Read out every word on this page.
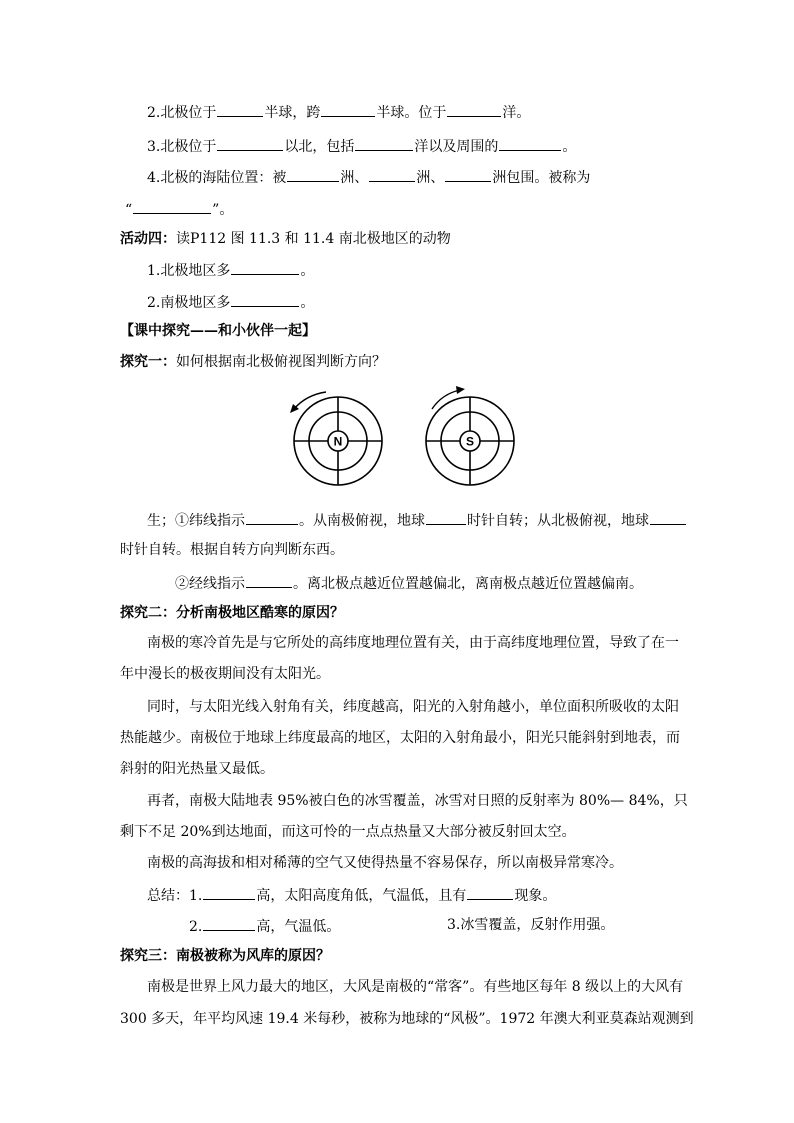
2.北极位于	半球，跨	半球。位于	洋。
3.北极位于	以北，包括	洋以及周围的	。
4.北极的海陆位置：被	洲、	洲、	洲包围。被称为
“	”。
活动四：读P112 图 11.3 和 11.4 南北极地区的动物
1.北极地区多	。
2.南极地区多	。
【课中探究——和小伙伴一起】
探究一：如何根据南北极俯视图判断方向？
N	S
生；①纬线指示	。从南极俯视，地球	时针自转；从北极俯视，地球
时针自转。根据自转方向判断东西。
②经线指示	。离北极点越近位置越偏北，离南极点越近位置越偏南。
探究二：分析南极地区酷寒的原因？
南极的寒冷首先是与它所处的高纬度地理位置有关，由于高纬度地理位置，导致了在一
年中漫长的极夜期间没有太阳光。
同时，与太阳光线入射角有关，纬度越高，阳光的入射角越小，单位面积所吸收的太阳
热能越少。南极位于地球上纬度最高的地区，太阳的入射角最小，阳光只能斜射到地表，而
斜射的阳光热量又最低。
再者，南极大陆地表 95%被白色的冰雪覆盖，冰雪对日照的反射率为 80%— 84%，只
剩下不足 20%到达地面，而这可怜的一点点热量又大部分被反射回太空。
南极的高海拔和相对稀薄的空气又使得热量不容易保存，所以南极异常寒冷。
总结：1.	高，太阳高度角低，气温低，且有	现象。
2.	高，气温低。	3.冰雪覆盖，反射作用强。
探究三：南极被称为风库的原因？
南极是世界上风力最大的地区，大风是南极的“常客”。有些地区每年 8 级以上的大风有
300 多天，年平均风速 19.4 米每秒，被称为地球的“风极”。1972 年澳大利亚莫森站观测到
